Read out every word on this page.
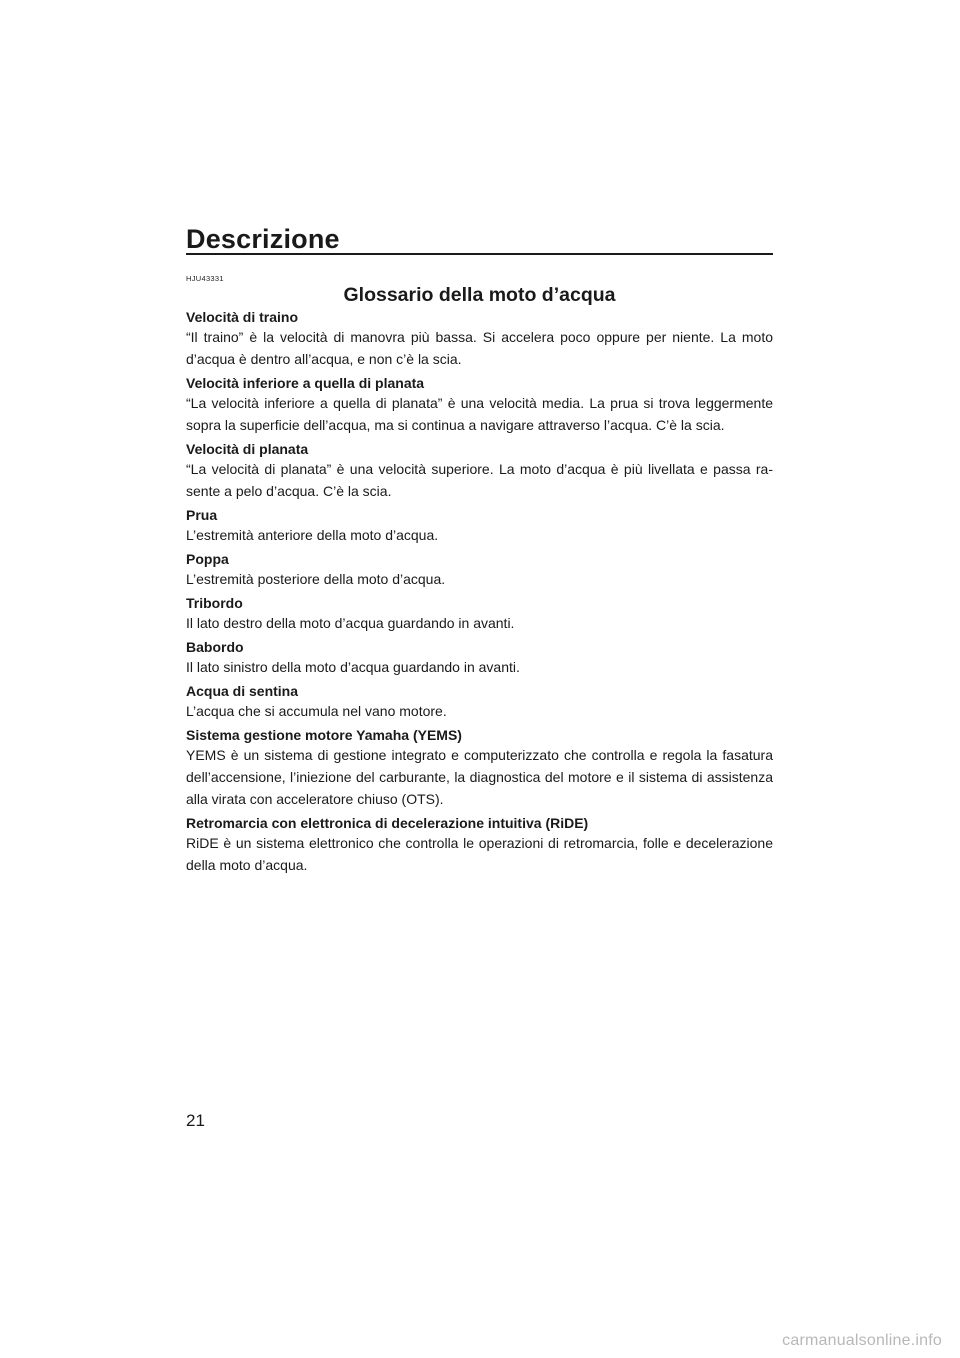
Descrizione
HJU43331
Glossario della moto d’acqua

Velocità di traino

“Il traino” è la velocità di manovra più bassa. Si accelera poco oppure per niente. La moto d’acqua è dentro all’acqua, e non c’è la scia.

Velocità inferiore a quella di planata

“La velocità inferiore a quella di planata” è una velocità media. La prua si trova leggermente sopra la superficie dell’acqua, ma si continua a navigare attraverso l’acqua. C’è la scia.

Velocità di planata

“La velocità di planata” è una velocità superiore. La moto d’acqua è più livellata e passa ra-sente a pelo d’acqua. C’è la scia.

Prua

L’estremità anteriore della moto d’acqua.

Poppa

L’estremità posteriore della moto d’acqua.

Tribordo

Il lato destro della moto d’acqua guardando in avanti.

Babordo

Il lato sinistro della moto d’acqua guardando in avanti.

Acqua di sentina

L’acqua che si accumula nel vano motore.

Sistema gestione motore Yamaha (YEMS)

YEMS è un sistema di gestione integrato e computerizzato che controlla e regola la fasatura dell’accensione, l’iniezione del carburante, la diagnostica del motore e il sistema di assistenza alla virata con acceleratore chiuso (OTS).

Retromarcia con elettronica di decelerazione intuitiva (RiDE)

RiDE è un sistema elettronico che controlla le operazioni di retromarcia, folle e decelerazione della moto d’acqua.

21
carmanualsonline.info
